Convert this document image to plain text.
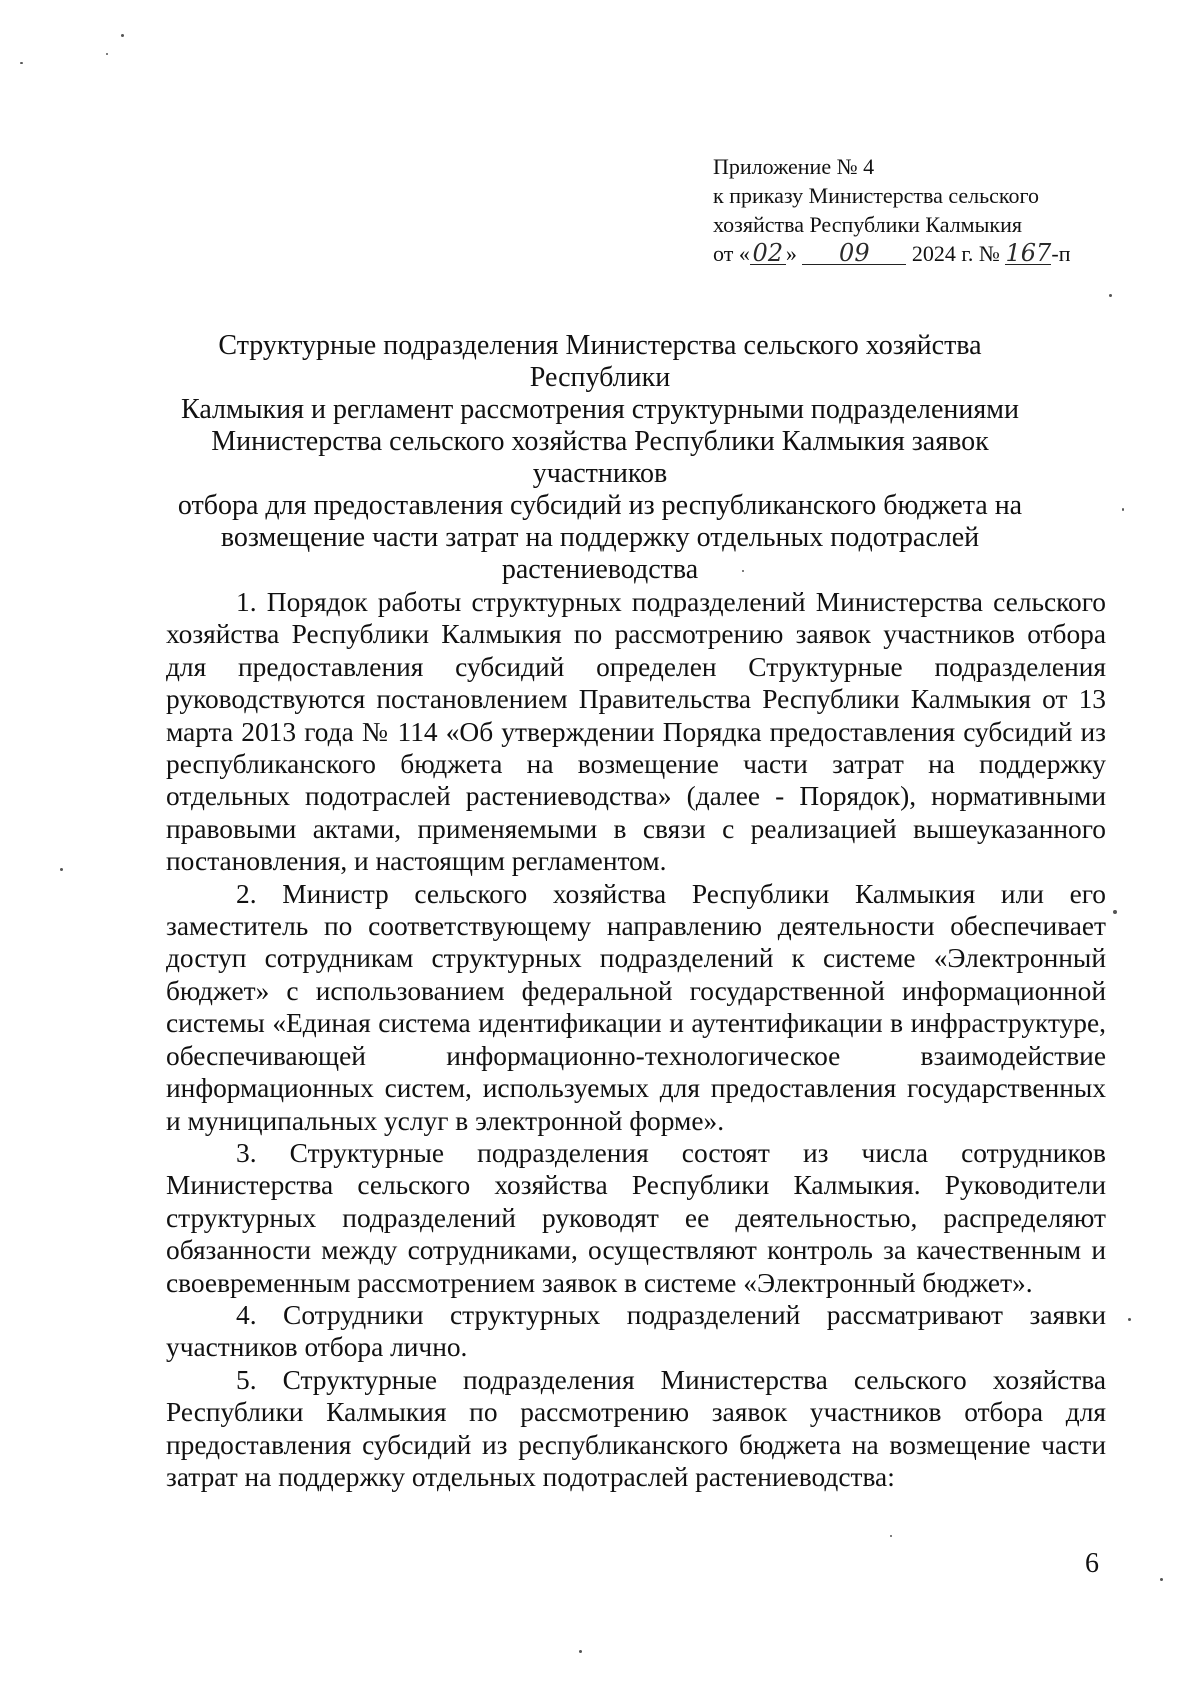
Приложение № 4
к приказу Министерства сельского
хозяйства Республики Калмыкия
от « 02 » 09 2024 г. № 167-п
Структурные подразделения Министерства сельского хозяйства Республики
Калмыкия и регламент рассмотрения структурными подразделениями
Министерства сельского хозяйства Республики Калмыкия заявок участников
отбора для предоставления субсидий из республиканского бюджета на
возмещение части затрат на поддержку отдельных подотраслей
растениеводства

1. Порядок работы структурных подразделений Министерства сельского хозяйства Республики Калмыкия по рассмотрению заявок участников отбора для предоставления субсидий определен Структурные подразделения руководствуются постановлением Правительства Республики Калмыкия от 13 марта 2013 года № 114 «Об утверждении Порядка предоставления субсидий из республиканского бюджета на возмещение части затрат на поддержку отдельных подотраслей растениеводства» (далее - Порядок), нормативными правовыми актами, применяемыми в связи с реализацией вышеуказанного постановления, и настоящим регламентом.

2. Министр сельского хозяйства Республики Калмыкия или его заместитель по соответствующему направлению деятельности обеспечивает доступ сотрудникам структурных подразделений к системе «Электронный бюджет» с использованием федеральной государственной информационной системы «Единая система идентификации и аутентификации в инфраструктуре, обеспечивающей информационно-технологическое взаимодействие информационных систем, используемых для предоставления государственных и муниципальных услуг в электронной форме».

3. Структурные подразделения состоят из числа сотрудников Министерства сельского хозяйства Республики Калмыкия. Руководители структурных подразделений руководят ее деятельностью, распределяют обязанности между сотрудниками, осуществляют контроль за качественным и своевременным рассмотрением заявок в системе «Электронный бюджет».

4. Сотрудники структурных подразделений рассматривают заявки участников отбора лично.

5. Структурные подразделения Министерства сельского хозяйства Республики Калмыкия по рассмотрению заявок участников отбора для предоставления субсидий из республиканского бюджета на возмещение части затрат на поддержку отдельных подотраслей растениеводства:

6
